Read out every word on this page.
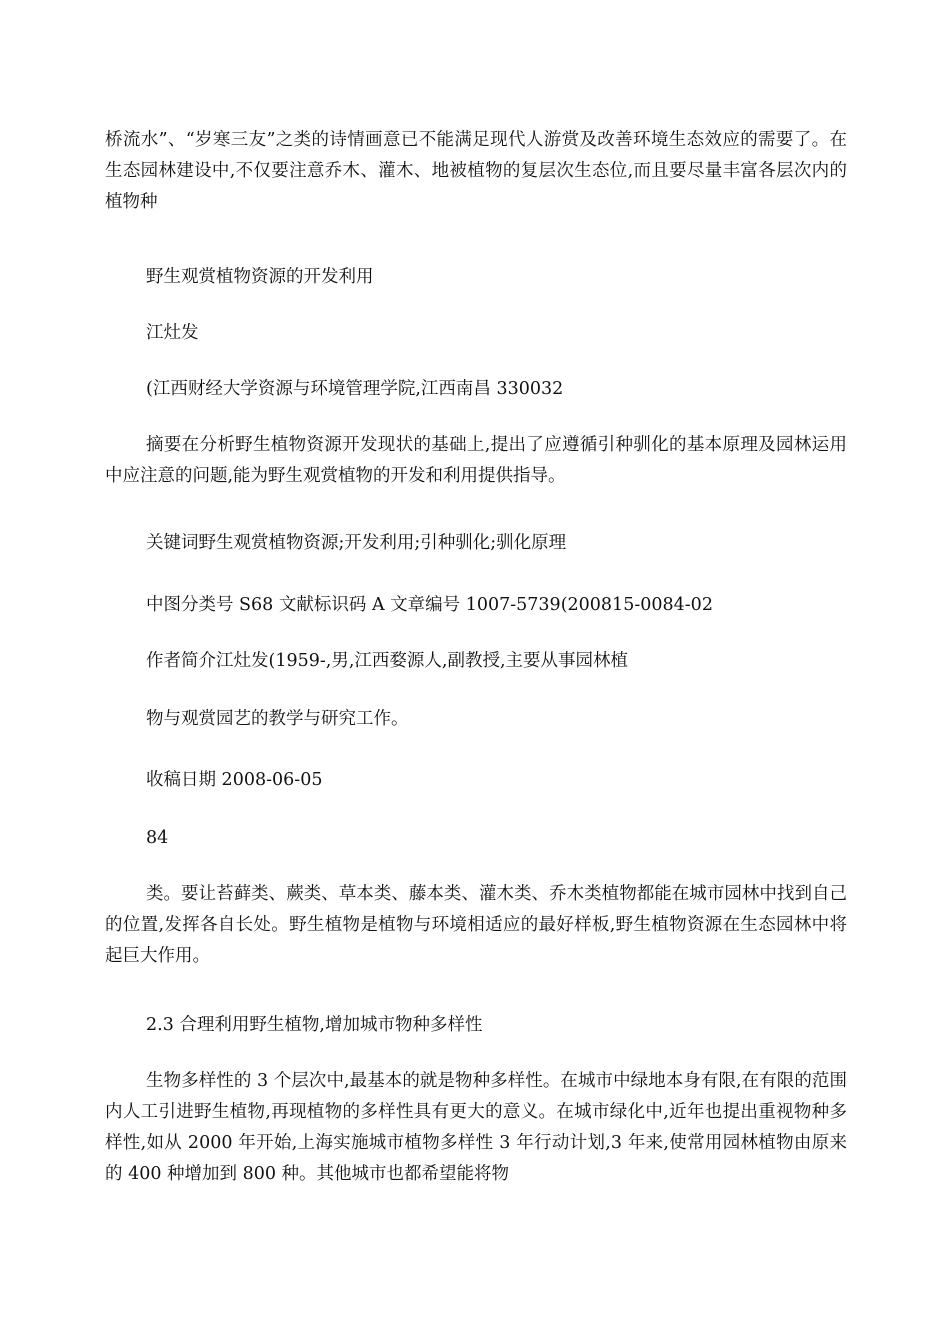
桥流水”、“岁寒三友”之类的诗情画意已不能满足现代人游赏及改善环境生态效应的需要了。在生态园林建设中,不仅要注意乔木、灌木、地被植物的复层次生态位,而且要尽量丰富各层次内的植物种

野生观赏植物资源的开发利用

江灶发

(江西财经大学资源与环境管理学院,江西南昌 330032

摘要在分析野生植物资源开发现状的基础上,提出了应遵循引种驯化的基本原理及园林运用中应注意的问题,能为野生观赏植物的开发和利用提供指导。

关键词野生观赏植物资源;开发利用;引种驯化;驯化原理

中图分类号 S68 文献标识码 A 文章编号 1007-5739(200815-0084-02

作者简介江灶发(1959-,男,江西婺源人,副教授,主要从事园林植

物与观赏园艺的教学与研究工作。

收稿日期 2008-06-05

84

类。要让苔藓类、蕨类、草本类、藤本类、灌木类、乔木类植物都能在城市园林中找到自己的位置,发挥各自长处。野生植物是植物与环境相适应的最好样板,野生植物资源在生态园林中将起巨大作用。

2.3 合理利用野生植物,增加城市物种多样性

生物多样性的 3 个层次中,最基本的就是物种多样性。在城市中绿地本身有限,在有限的范围内人工引进野生植物,再现植物的多样性具有更大的意义。在城市绿化中,近年也提出重视物种多样性,如从 2000 年开始,上海实施城市植物多样性 3 年行动计划,3 年来,使常用园林植物由原来的 400 种增加到 800 种。其他城市也都希望能将物
